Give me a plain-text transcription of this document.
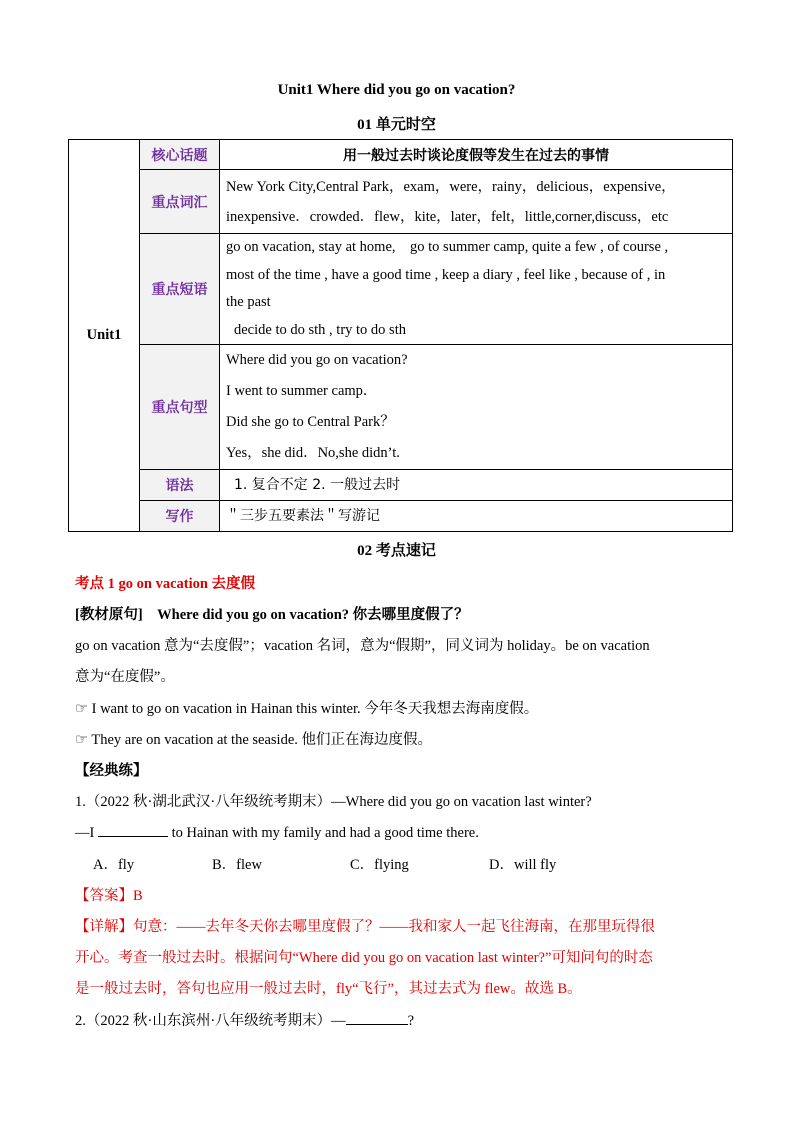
Unit1 Where did you go on vacation?
01 单元时空
Unit1	核心话题	用一般过去时谈论度假等发生在过去的事情
	重点词汇	New York City,Central Park，exam，were，rainy，delicious，expensive，
inexpensive．crowded．flew，kite，later，felt，little,corner,discuss，etc

	重点短语	go on vacation, stay at home,    go to summer camp, quite a few , of course ,
most of the time , have a good time , keep a diary , feel like , because of , in
the past
decide to do sth , try to do sth

	重点句型	Where did you go on vacation?
I went to summer camp．
Did she go to Central Park？
Yes，she did．No,she didn’t.

	语法	1. 复合不定 2. 一般过去时
	写作	＂三步五要素法＂写游记
02 考点速记
考点 1 go on vacation 去度假
[教材原句] Where did you go on vacation? 你去哪里度假了？
go on vacation 意为“去度假”；vacation 名词，意为“假期”，同义词为 holiday。be on vacation
意为“在度假”。
☞ I want to go on vacation in Hainan this winter. 今年冬天我想去海南度假。
☞ They are on vacation at the seaside. 他们正在海边度假。
【经典练】
1.（2022 秋·湖北武汉·八年级统考期末）—Where did you go on vacation last winter?
—I	to Hainan with my family and had a good time there.
A．fly	B．flew	C．flying	D．will fly
【答案】B
【详解】句意：——去年冬天你去哪里度假了？——我和家人一起飞往海南，在那里玩得很
开心。考查一般过去时。根据问句“Where did you go on vacation last winter?”可知问句的时态
是一般过去时，答句也应用一般过去时，fly“飞行”，其过去式为 flew。故选 B。
2.（2022 秋·山东滨州·八年级统考期末）—	?
